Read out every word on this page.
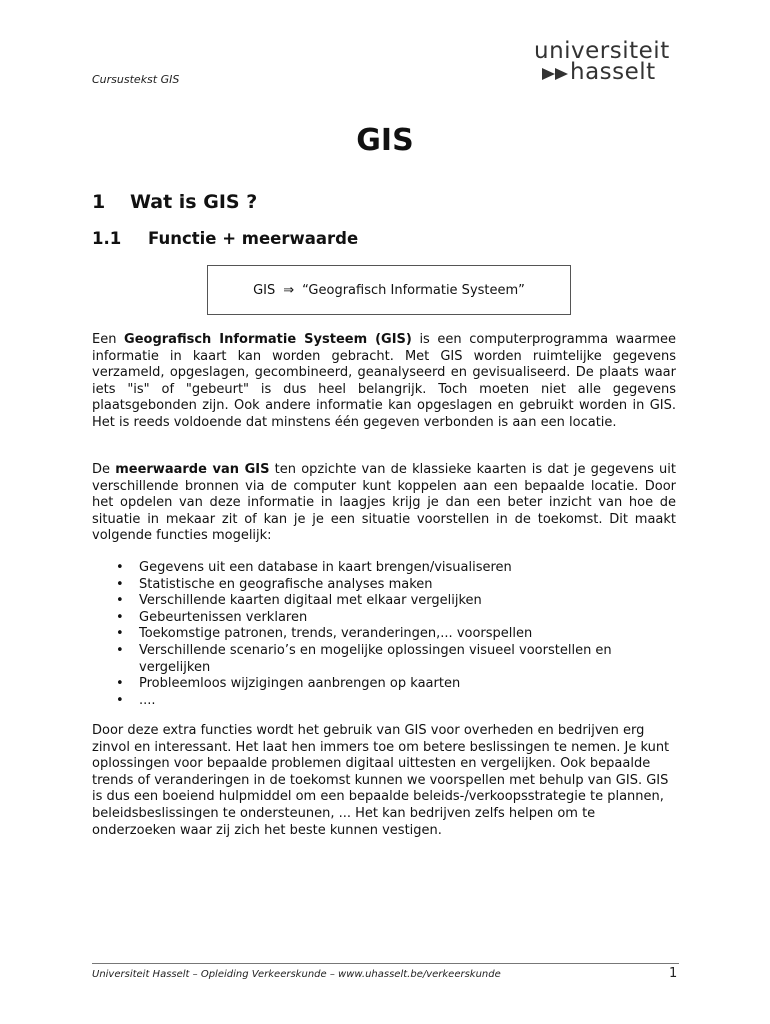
Cursustekst GIS
universiteit
hasselt
GIS
1 Wat is GIS ?
1.1 Functie + meerwaarde
GIS ⇒ “Geografisch Informatie Systeem”

Een Geografisch Informatie Systeem (GIS) is een computerprogramma waarmee informatie in kaart kan worden gebracht. Met GIS worden ruimtelijke gegevens verzameld, opgeslagen, gecombineerd, geanalyseerd en gevisualiseerd. De plaats waar iets "is" of "gebeurt" is dus heel belangrijk. Toch moeten niet alle gegevens plaatsgebonden zijn. Ook andere informatie kan opgeslagen en gebruikt worden in GIS. Het is reeds voldoende dat minstens één gegeven verbonden is aan een locatie.

De meerwaarde van GIS ten opzichte van de klassieke kaarten is dat je gegevens uit verschillende bronnen via de computer kunt koppelen aan een bepaalde locatie. Door het opdelen van deze informatie in laagjes krijg je dan een beter inzicht van hoe de situatie in mekaar zit of kan je je een situatie voorstellen in de toekomst. Dit maakt volgende functies mogelijk:

• Gegevens uit een database in kaart brengen/visualiseren
• Statistische en geografische analyses maken
• Verschillende kaarten digitaal met elkaar vergelijken
• Gebeurtenissen verklaren
• Toekomstige patronen, trends, veranderingen,... voorspellen
• Verschillende scenario’s en mogelijke oplossingen visueel voorstellen en vergelijken
• Probleemloos wijzigingen aanbrengen op kaarten
• ....

Door deze extra functies wordt het gebruik van GIS voor overheden en bedrijven erg zinvol en interessant. Het laat hen immers toe om betere beslissingen te nemen. Je kunt oplossingen voor bepaalde problemen digitaal uittesten en vergelijken. Ook bepaalde trends of veranderingen in de toekomst kunnen we voorspellen met behulp van GIS. GIS is dus een boeiend hulpmiddel om een bepaalde beleids-/verkoopsstrategie te plannen, beleidsbeslissingen te ondersteunen, ... Het kan bedrijven zelfs helpen om te onderzoeken waar zij zich het beste kunnen vestigen.

Universiteit Hasselt – Opleiding Verkeerskunde – www.uhasselt.be/verkeerskunde	1
